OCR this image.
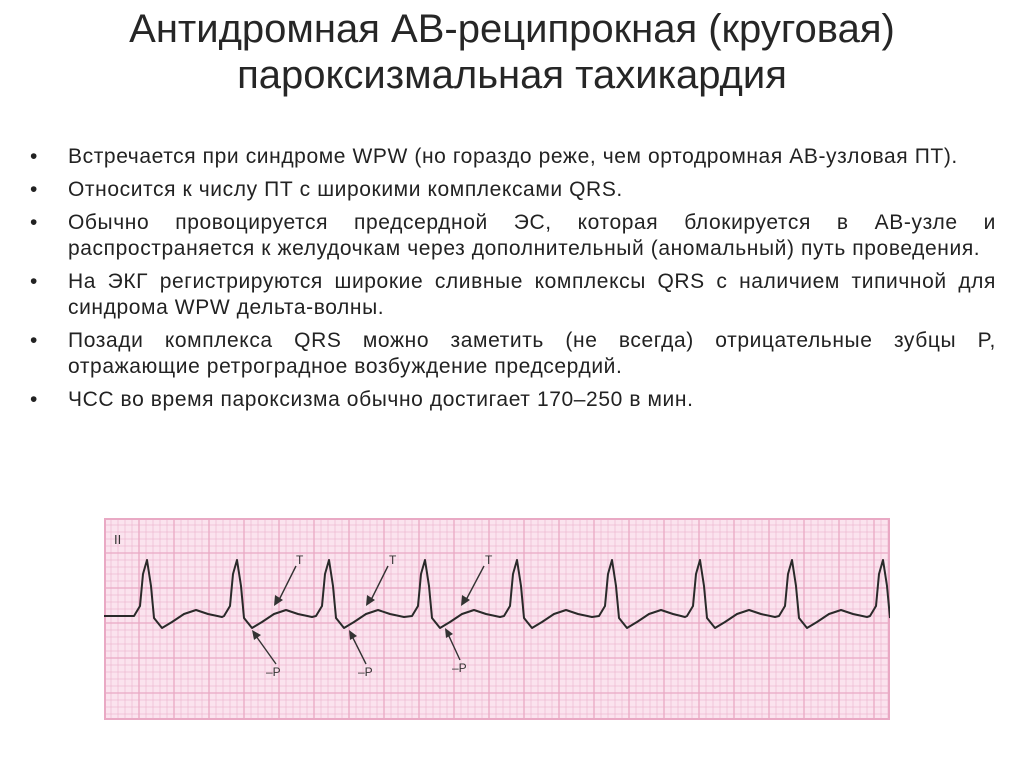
Антидромная АВ-реципрокная (круговая)
пароксизмальная тахикардия
• Встречается при синдроме WPW (но гораздо реже, чем ортодромная АВ-узловая ПТ).
• Относится к числу ПТ с широкими комплексами QRS.
• Обычно провоцируется предсердной ЭС, которая блокируется в АВ-узле и распространяется к желудочкам через дополнительный (аномальный) путь проведения.
• На ЭКГ регистрируются широкие сливные комплексы QRS с наличием типичной для синдрома WPW дельта-волны.
• Позади комплекса QRS можно заметить (не всегда) отрицательные зубцы P, отражающие ретроградное возбуждение предсердий.
• ЧСС во время пароксизма обычно достигает 170–250 в мин.
II
T	T	T
–P	–P	–P
